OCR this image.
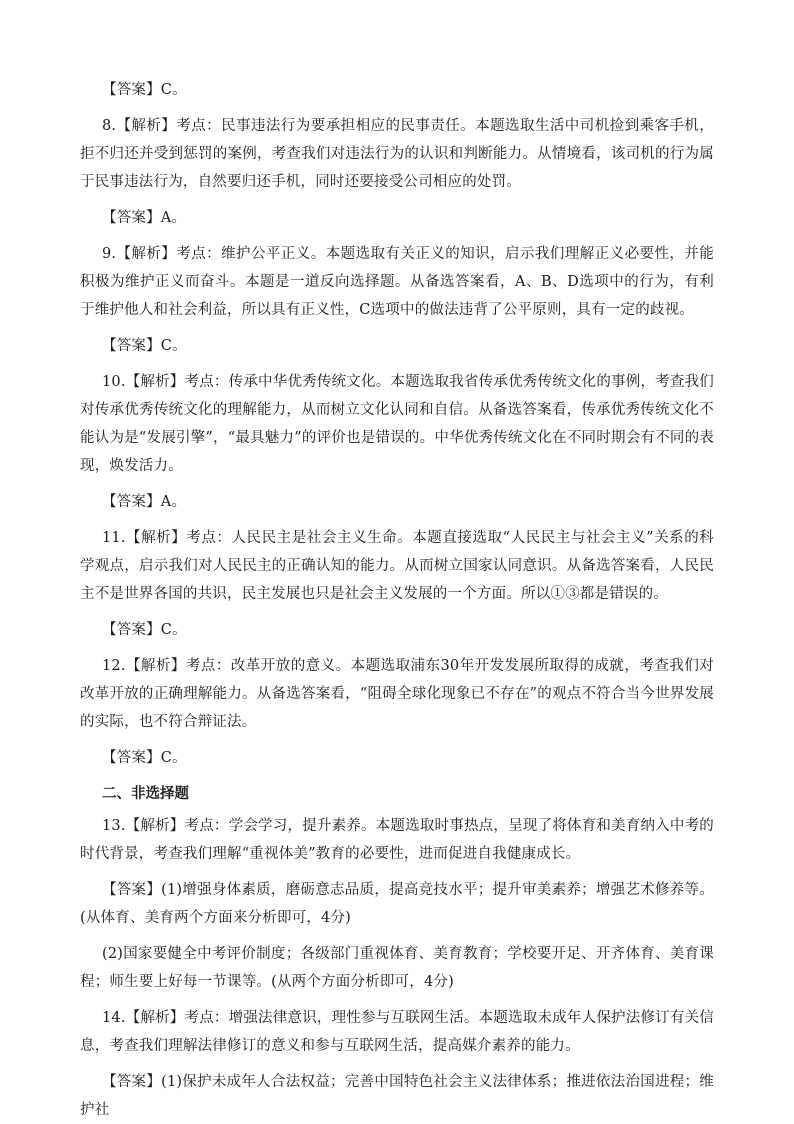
【答案】C。

8.【解析】考点：民事违法行为要承担相应的民事责任。本题选取生活中司机捡到乘客手机，拒不归还并受到惩罚的案例，考查我们对违法行为的认识和判断能力。从情境看，该司机的行为属于民事违法行为，自然要归还手机，同时还要接受公司相应的处罚。

【答案】A。

9.【解析】考点：维护公平正义。本题选取有关正义的知识，启示我们理解正义必要性，并能积极为维护正义而奋斗。本题是一道反向选择题。从备选答案看，A、B、D选项中的行为，有利于维护他人和社会利益，所以具有正义性，C选项中的做法违背了公平原则，具有一定的歧视。

【答案】C。

10.【解析】考点：传承中华优秀传统文化。本题选取我省传承优秀传统文化的事例，考查我们对传承优秀传统文化的理解能力，从而树立文化认同和自信。从备选答案看，传承优秀传统文化不能认为是“发展引擎”，“最具魅力”的评价也是错误的。中华优秀传统文化在不同时期会有不同的表现，焕发活力。

【答案】A。

11.【解析】考点：人民民主是社会主义生命。本题直接选取“人民民主与社会主义”关系的科学观点，启示我们对人民民主的正确认知的能力。从而树立国家认同意识。从备选答案看，人民民主不是世界各国的共识，民主发展也只是社会主义发展的一个方面。所以①③都是错误的。

【答案】C。

12.【解析】考点：改革开放的意义。本题选取浦东30年开发发展所取得的成就，考查我们对改革开放的正确理解能力。从备选答案看，“阻碍全球化现象已不存在”的观点不符合当今世界发展的实际，也不符合辩证法。

【答案】C。

二、非选择题

13.【解析】考点：学会学习，提升素养。本题选取时事热点，呈现了将体育和美育纳入中考的时代背景，考查我们理解“重视体美”教育的必要性，进而促进自我健康成长。

【答案】(1)增强身体素质，磨砺意志品质，提高竞技水平；提升审美素养；增强艺术修养等。(从体育、美育两个方面来分析即可，4分)

(2)国家要健全中考评价制度；各级部门重视体育、美育教育；学校要开足、开齐体育、美育课程；师生要上好每一节课等。(从两个方面分析即可，4分)

14.【解析】考点：增强法律意识，理性参与互联网生活。本题选取未成年人保护法修订有关信息，考查我们理解法律修订的意义和参与互联网生活，提高媒介素养的能力。

【答案】(1)保护未成年人合法权益；完善中国特色社会主义法律体系；推进依法治国进程；维护社
